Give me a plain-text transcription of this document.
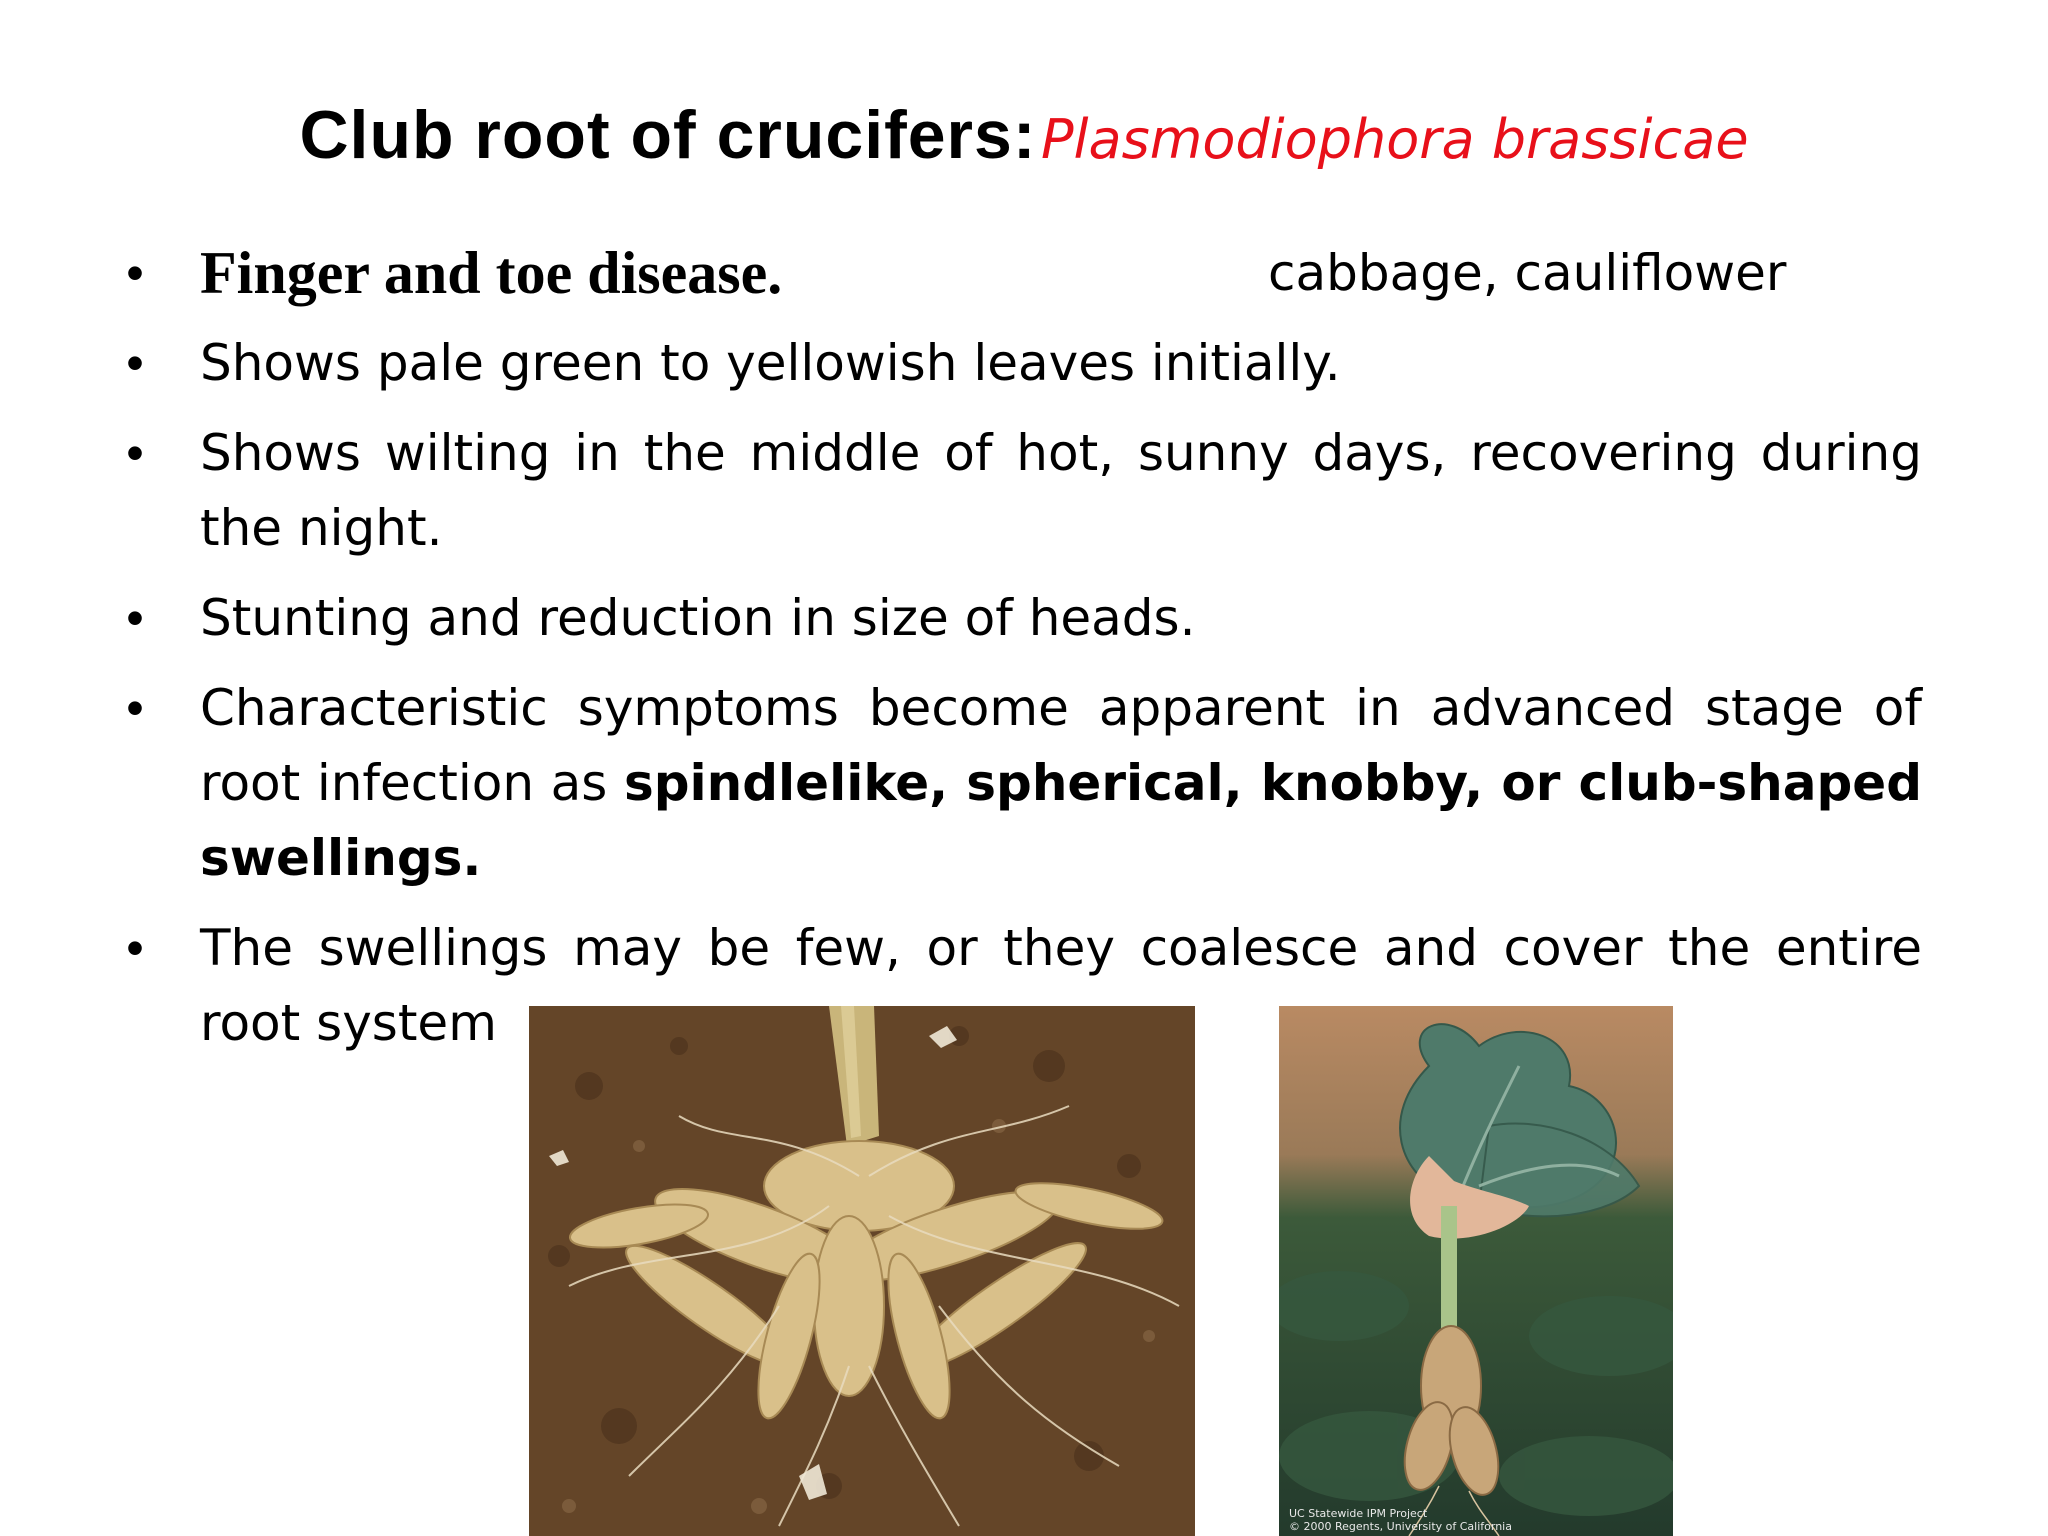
Club root of crucifers: Plasmodiophora brassicae
• Finger and toe disease.	cabbage, cauliflower
• Shows pale green to yellowish leaves initially.
• Shows wilting in the middle of hot, sunny days, recovering during the night.
• Stunting and reduction in size of heads.
• Characteristic symptoms become apparent in advanced stage of root infection as spindlelike, spherical, knobby, or club-shaped swellings.
• The swellings may be few, or they coalesce and cover the entire root system
UC Statewide IPM Project
© 2000 Regents, University of California
